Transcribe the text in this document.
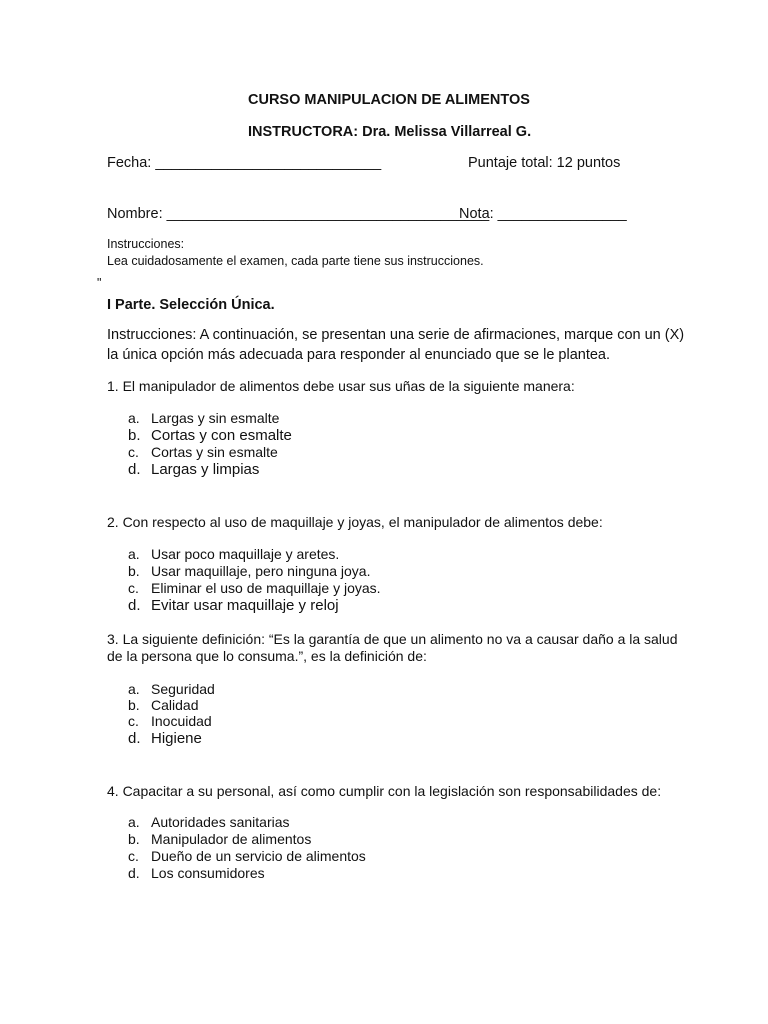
CURSO MANIPULACION DE ALIMENTOS
INSTRUCTORA: Dra. Melissa Villarreal G.
Fecha: ____________________________	Puntaje total: 12 puntos
Nombre: ________________________________________
Nota: ________________
Instrucciones:
Lea cuidadosamente el examen, cada parte tiene sus instrucciones.
"
I Parte. Selección Única.
Instrucciones: A continuación, se presentan una serie de afirmaciones, marque con un (X)
la única opción más adecuada para responder al enunciado que se le plantea.
1. El manipulador de alimentos debe usar sus uñas de la siguiente manera:
a. Largas y sin esmalte
b. Cortas y con esmalte
c. Cortas y sin esmalte
d. Largas y limpias
2. Con respecto al uso de maquillaje y joyas, el manipulador de alimentos debe:
a. Usar poco maquillaje y aretes.
b. Usar maquillaje, pero ninguna joya.
c. Eliminar el uso de maquillaje y joyas.
d. Evitar usar maquillaje y reloj
3. La siguiente definición: “Es la garantía de que un alimento no va a causar daño a la salud
de la persona que lo consuma.”, es la definición de:
a. Seguridad
b. Calidad
c. Inocuidad
d. Higiene
4. Capacitar a su personal, así como cumplir con la legislación son responsabilidades de:
a. Autoridades sanitarias
b. Manipulador de alimentos
c. Dueño de un servicio de alimentos
d. Los consumidores
